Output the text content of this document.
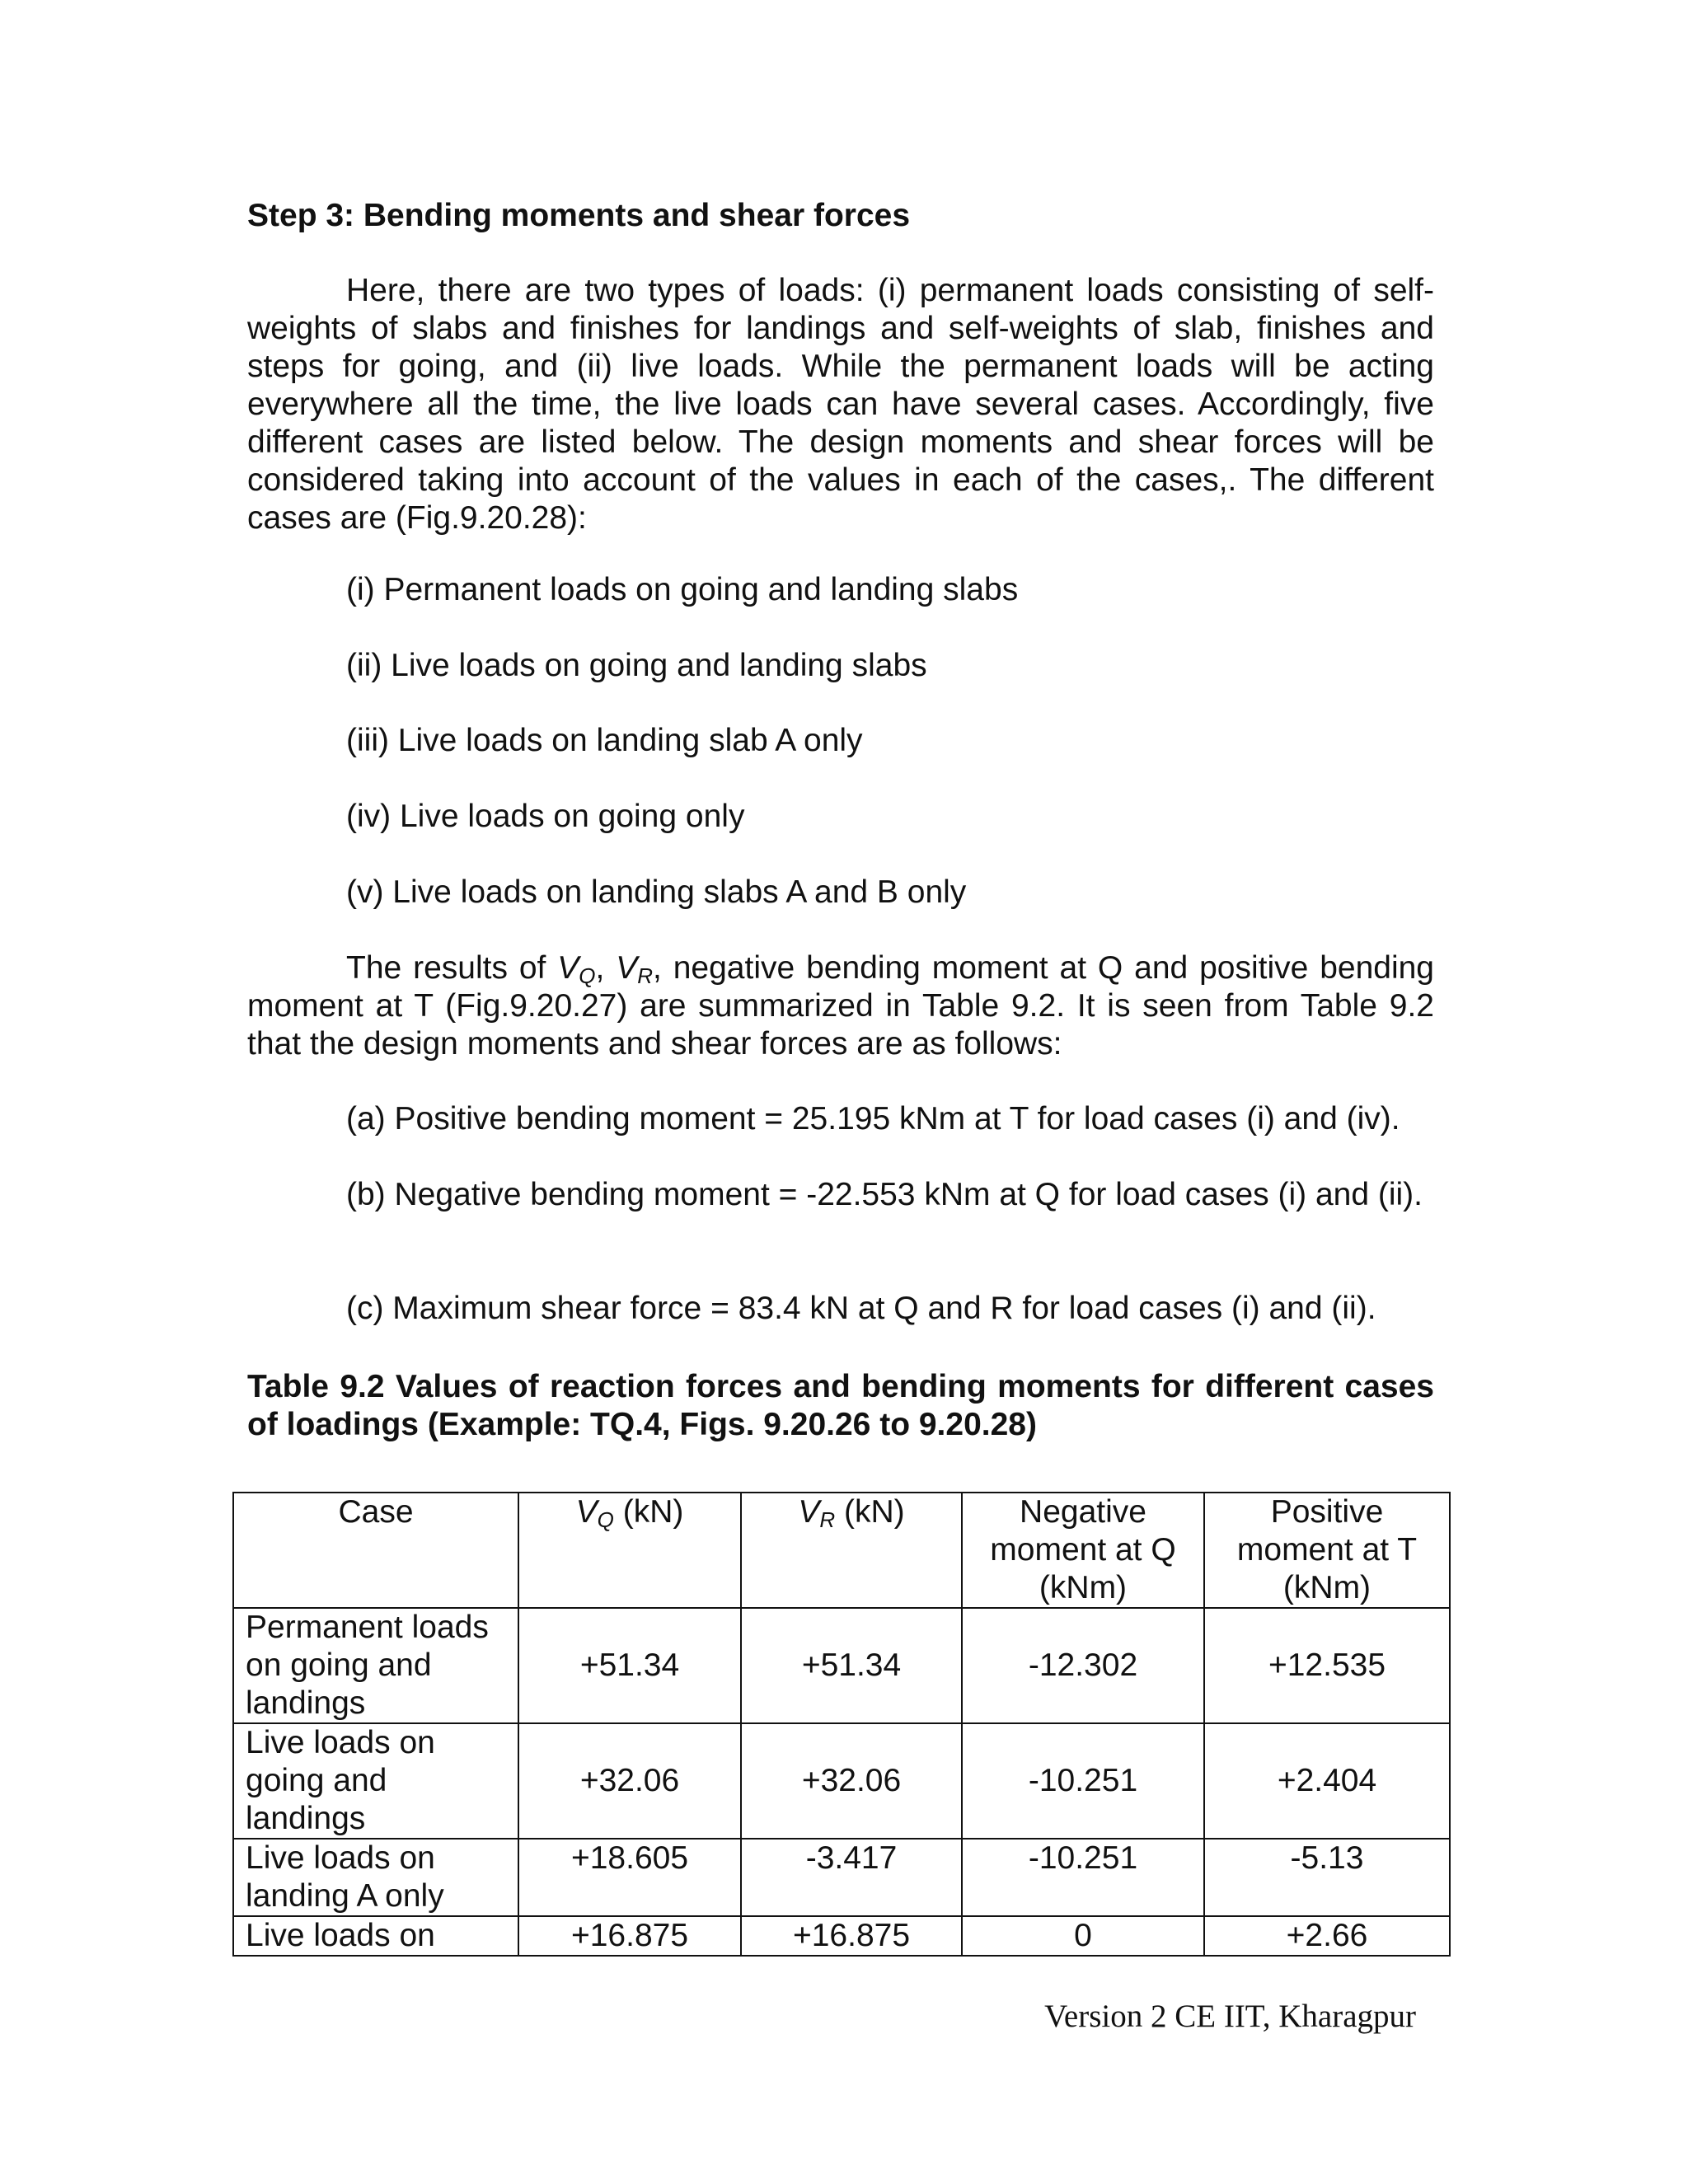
Step 3: Bending moments and shear forces

Here, there are two types of loads: (i) permanent loads consisting of self-weights of slabs and finishes for landings and self-weights of slab, finishes and steps for going, and (ii) live loads. While the permanent loads will be acting everywhere all the time, the live loads can have several cases. Accordingly, five different cases are listed below. The design moments and shear forces will be considered taking into account of the values in each of the cases,. The different cases are (Fig.9.20.28):

(i) Permanent loads on going and landing slabs
(ii) Live loads on going and landing slabs
(iii) Live loads on landing slab A only
(iv) Live loads on going only
(v) Live loads on landing slabs A and B only

The results of $V_Q$, $V_R$, negative bending moment at Q and positive bending moment at T (Fig.9.20.27) are summarized in Table 9.2. It is seen from Table 9.2 that the design moments and shear forces are as follows:

(a) Positive bending moment = 25.195 kNm at T for load cases (i) and (iv).

(b) Negative bending moment = -22.553 kNm at Q for load cases (i) and (ii).

(c) Maximum shear force = 83.4 kN at Q and R for load cases (i) and (ii).

Table 9.2 Values of reaction forces and bending moments for different cases of loadings (Example: TQ.4, Figs. 9.20.26 to 9.20.28)

Case	$V_Q$ (kN)	$V_R$ (kN)	Negative moment at Q (kNm)	Positive moment at T (kNm)
Permanent loads on going and landings	+51.34	+51.34	-12.302	+12.535
Live loads on going and landings	+32.06	+32.06	-10.251	+2.404
Live loads on landing A only	+18.605	-3.417	-10.251	-5.13
Live loads on	+16.875	+16.875	0	+2.66
Version 2 CE IIT, Kharagpur
